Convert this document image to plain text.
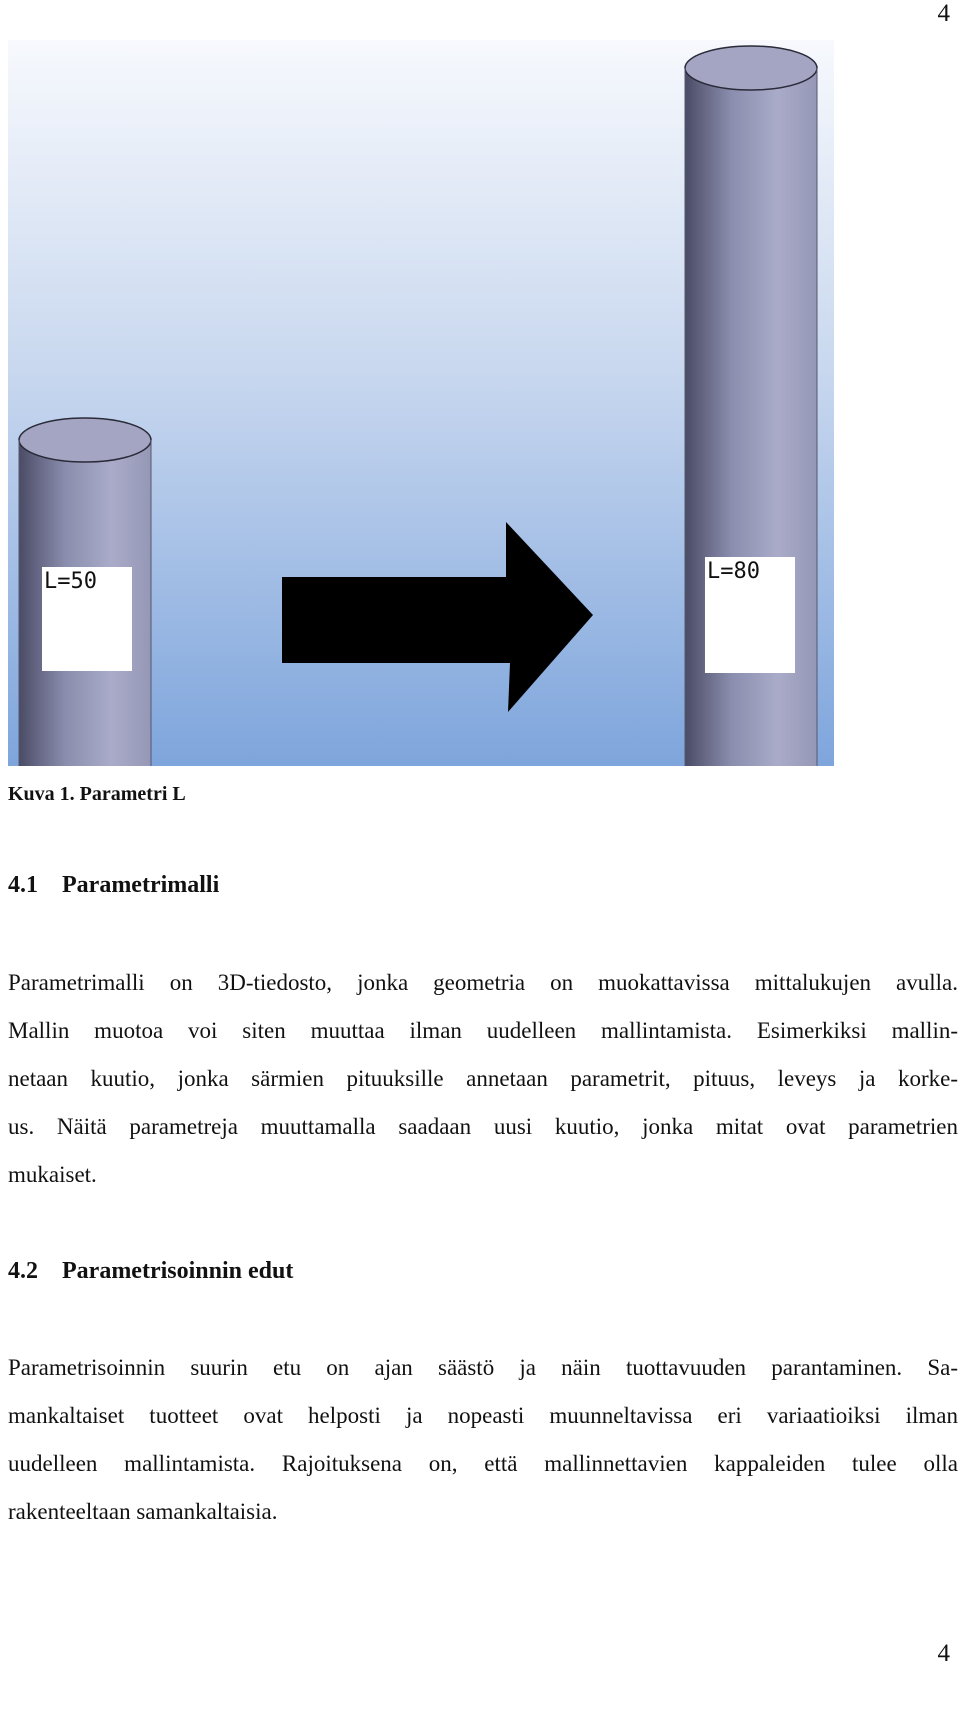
4
L=50	L=80
Kuva 1. Parametri L
4.1 Parametrimalli
Parametrimalli on 3D-tiedosto, jonka geometria on muokattavissa mittalukujen avulla.
Mallin muotoa voi siten muuttaa ilman uudelleen mallintamista. Esimerkiksi mallin-
netaan kuutio, jonka särmien pituuksille annetaan parametrit, pituus, leveys ja korke-
us. Näitä parametreja muuttamalla saadaan uusi kuutio, jonka mitat ovat parametrien
mukaiset.
4.2 Parametrisoinnin edut
Parametrisoinnin suurin etu on ajan säästö ja näin tuottavuuden parantaminen. Sa-
mankaltaiset tuotteet ovat helposti ja nopeasti muunneltavissa eri variaatioiksi ilman
uudelleen mallintamista. Rajoituksena on, että mallinnettavien kappaleiden tulee olla
rakenteeltaan samankaltaisia.
4
